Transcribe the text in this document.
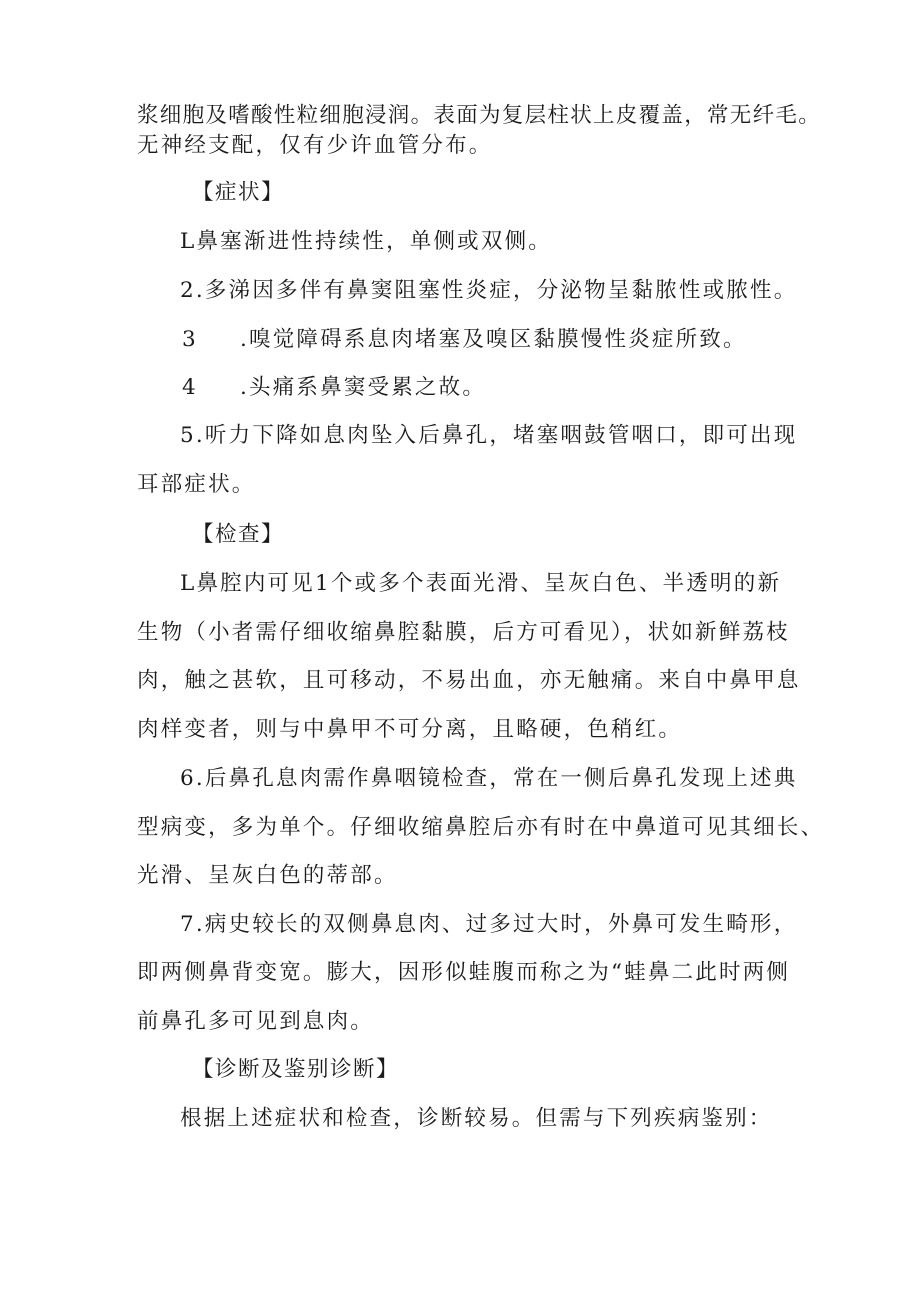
浆细胞及嗜酸性粒细胞浸润。表面为复层柱状上皮覆盖，常无纤毛。
无神经支配，仅有少许血管分布。
【症状】
L鼻塞渐进性持续性，单侧或双侧。
2.多涕因多伴有鼻窦阻塞性炎症，分泌物呈黏脓性或脓性。
3 .嗅觉障碍系息肉堵塞及嗅区黏膜慢性炎症所致。
4 .头痛系鼻窦受累之故。
5.听力下降如息肉坠入后鼻孔，堵塞咽鼓管咽口，即可出现
耳部症状。
【检查】
L鼻腔内可见1个或多个表面光滑、呈灰白色、半透明的新
生物（小者需仔细收缩鼻腔黏膜，后方可看见），状如新鲜荔枝
肉，触之甚软，且可移动，不易出血，亦无触痛。来自中鼻甲息
肉样变者，则与中鼻甲不可分离，且略硬，色稍红。
6.后鼻孔息肉需作鼻咽镜检查，常在一侧后鼻孔发现上述典
型病变，多为单个。仔细收缩鼻腔后亦有时在中鼻道可见其细长、
光滑、呈灰白色的蒂部。
7.病史较长的双侧鼻息肉、过多过大时，外鼻可发生畸形，
即两侧鼻背变宽。膨大，因形似蛙腹而称之为“蛙鼻二此时两侧
前鼻孔多可见到息肉。
【诊断及鉴别诊断】
根据上述症状和检查，诊断较易。但需与下列疾病鉴别：
